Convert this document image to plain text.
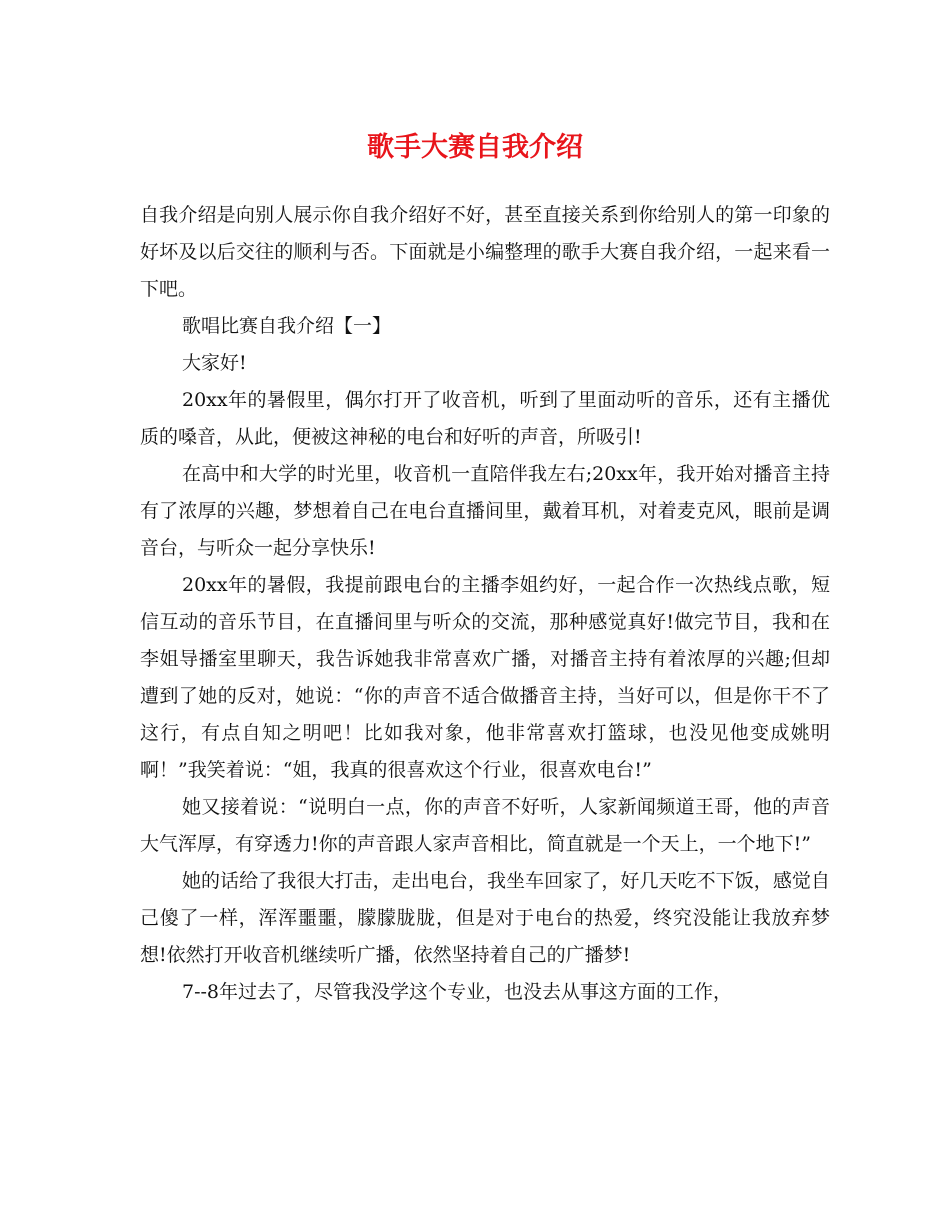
歌手大赛自我介绍

自我介绍是向别人展示你自我介绍好不好，甚至直接关系到你给别人的第一印象的好坏及以后交往的顺利与否。下面就是小编整理的歌手大赛自我介绍，一起来看一下吧。

歌唱比赛自我介绍【一】

大家好!

20xx年的暑假里，偶尔打开了收音机，听到了里面动听的音乐，还有主播优质的嗓音，从此，便被这神秘的电台和好听的声音，所吸引!

在高中和大学的时光里，收音机一直陪伴我左右;20xx年，我开始对播音主持有了浓厚的兴趣，梦想着自己在电台直播间里，戴着耳机，对着麦克风，眼前是调音台，与听众一起分享快乐!

20xx年的暑假，我提前跟电台的主播李姐约好，一起合作一次热线点歌，短信互动的音乐节目，在直播间里与听众的交流，那种感觉真好!做完节目，我和在李姐导播室里聊天，我告诉她我非常喜欢广播，对播音主持有着浓厚的兴趣;但却遭到了她的反对，她说：“你的声音不适合做播音主持，当好可以，但是你干不了这行，有点自知之明吧！比如我对象，他非常喜欢打篮球，也没见他变成姚明啊！”我笑着说：“姐，我真的很喜欢这个行业，很喜欢电台!”

她又接着说：“说明白一点，你的声音不好听，人家新闻频道王哥，他的声音大气浑厚，有穿透力!你的声音跟人家声音相比，简直就是一个天上，一个地下!”

她的话给了我很大打击，走出电台，我坐车回家了，好几天吃不下饭，感觉自己傻了一样，浑浑噩噩，朦朦胧胧，但是对于电台的热爱，终究没能让我放弃梦想!依然打开收音机继续听广播，依然坚持着自己的广播梦!

7--8年过去了，尽管我没学这个专业，也没去从事这方面的工作，
